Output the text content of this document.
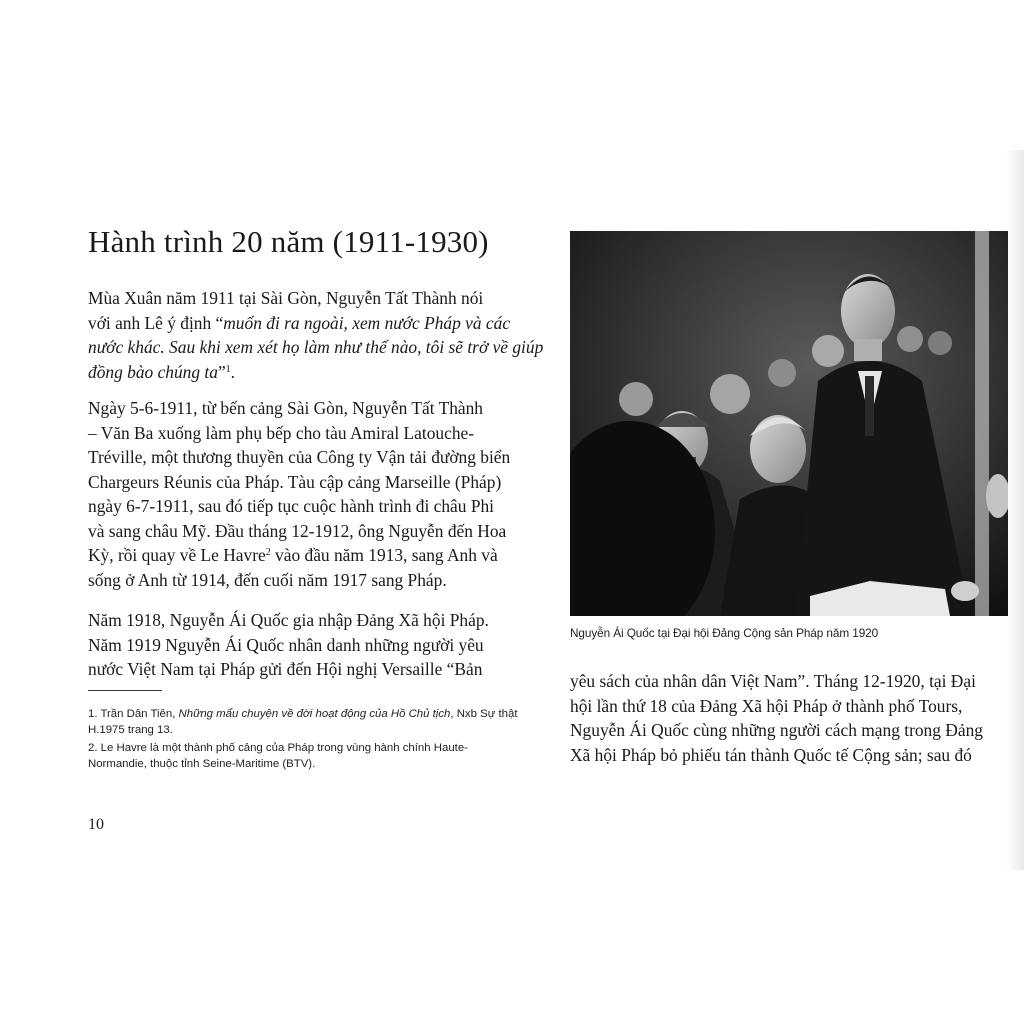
Hành trình 20 năm (1911-1930)

Mùa Xuân năm 1911 tại Sài Gòn, Nguyễn Tất Thành nói
với anh Lê ý định “muốn đi ra ngoài, xem nước Pháp và các
nước khác. Sau khi xem xét họ làm như thế nào, tôi sẽ trở về giúp
đồng bào chúng ta”$^1$.

Ngày 5-6-1911, từ bến cảng Sài Gòn, Nguyễn Tất Thành
– Văn Ba xuống làm phụ bếp cho tàu Amiral Latouche-
Tréville, một thương thuyền của Công ty Vận tải đường biển
Chargeurs Réunis của Pháp. Tàu cập cảng Marseille (Pháp)
ngày 6-7-1911, sau đó tiếp tục cuộc hành trình đi châu Phi
và sang châu Mỹ. Đầu tháng 12-1912, ông Nguyễn đến Hoa
Kỳ, rồi quay về Le Havre$^2$ vào đầu năm 1913, sang Anh và
sống ở Anh từ 1914, đến cuối năm 1917 sang Pháp.

Năm 1918, Nguyễn Ái Quốc gia nhập Đảng Xã hội Pháp.
Năm 1919 Nguyễn Ái Quốc nhân danh những người yêu
nước Việt Nam tại Pháp gửi đến Hội nghị Versaille “Bản

1. Trần Dân Tiên, Những mẩu chuyện về đời hoạt động của Hồ Chủ tịch, Nxb Sự thật
H.1975 trang 13.

2. Le Havre là một thành phố cảng của Pháp trong vùng hành chính Haute-
Normandie, thuộc tỉnh Seine-Maritime (BTV).

10
Nguyễn Ái Quốc tại Đại hội Đảng Cộng sản Pháp năm 1920

yêu sách của nhân dân Việt Nam”. Tháng 12-1920, tại Đại
hội lần thứ 18 của Đảng Xã hội Pháp ở thành phố Tours,
Nguyễn Ái Quốc cùng những người cách mạng trong Đảng
Xã hội Pháp bỏ phiếu tán thành Quốc tế Cộng sản; sau đó
